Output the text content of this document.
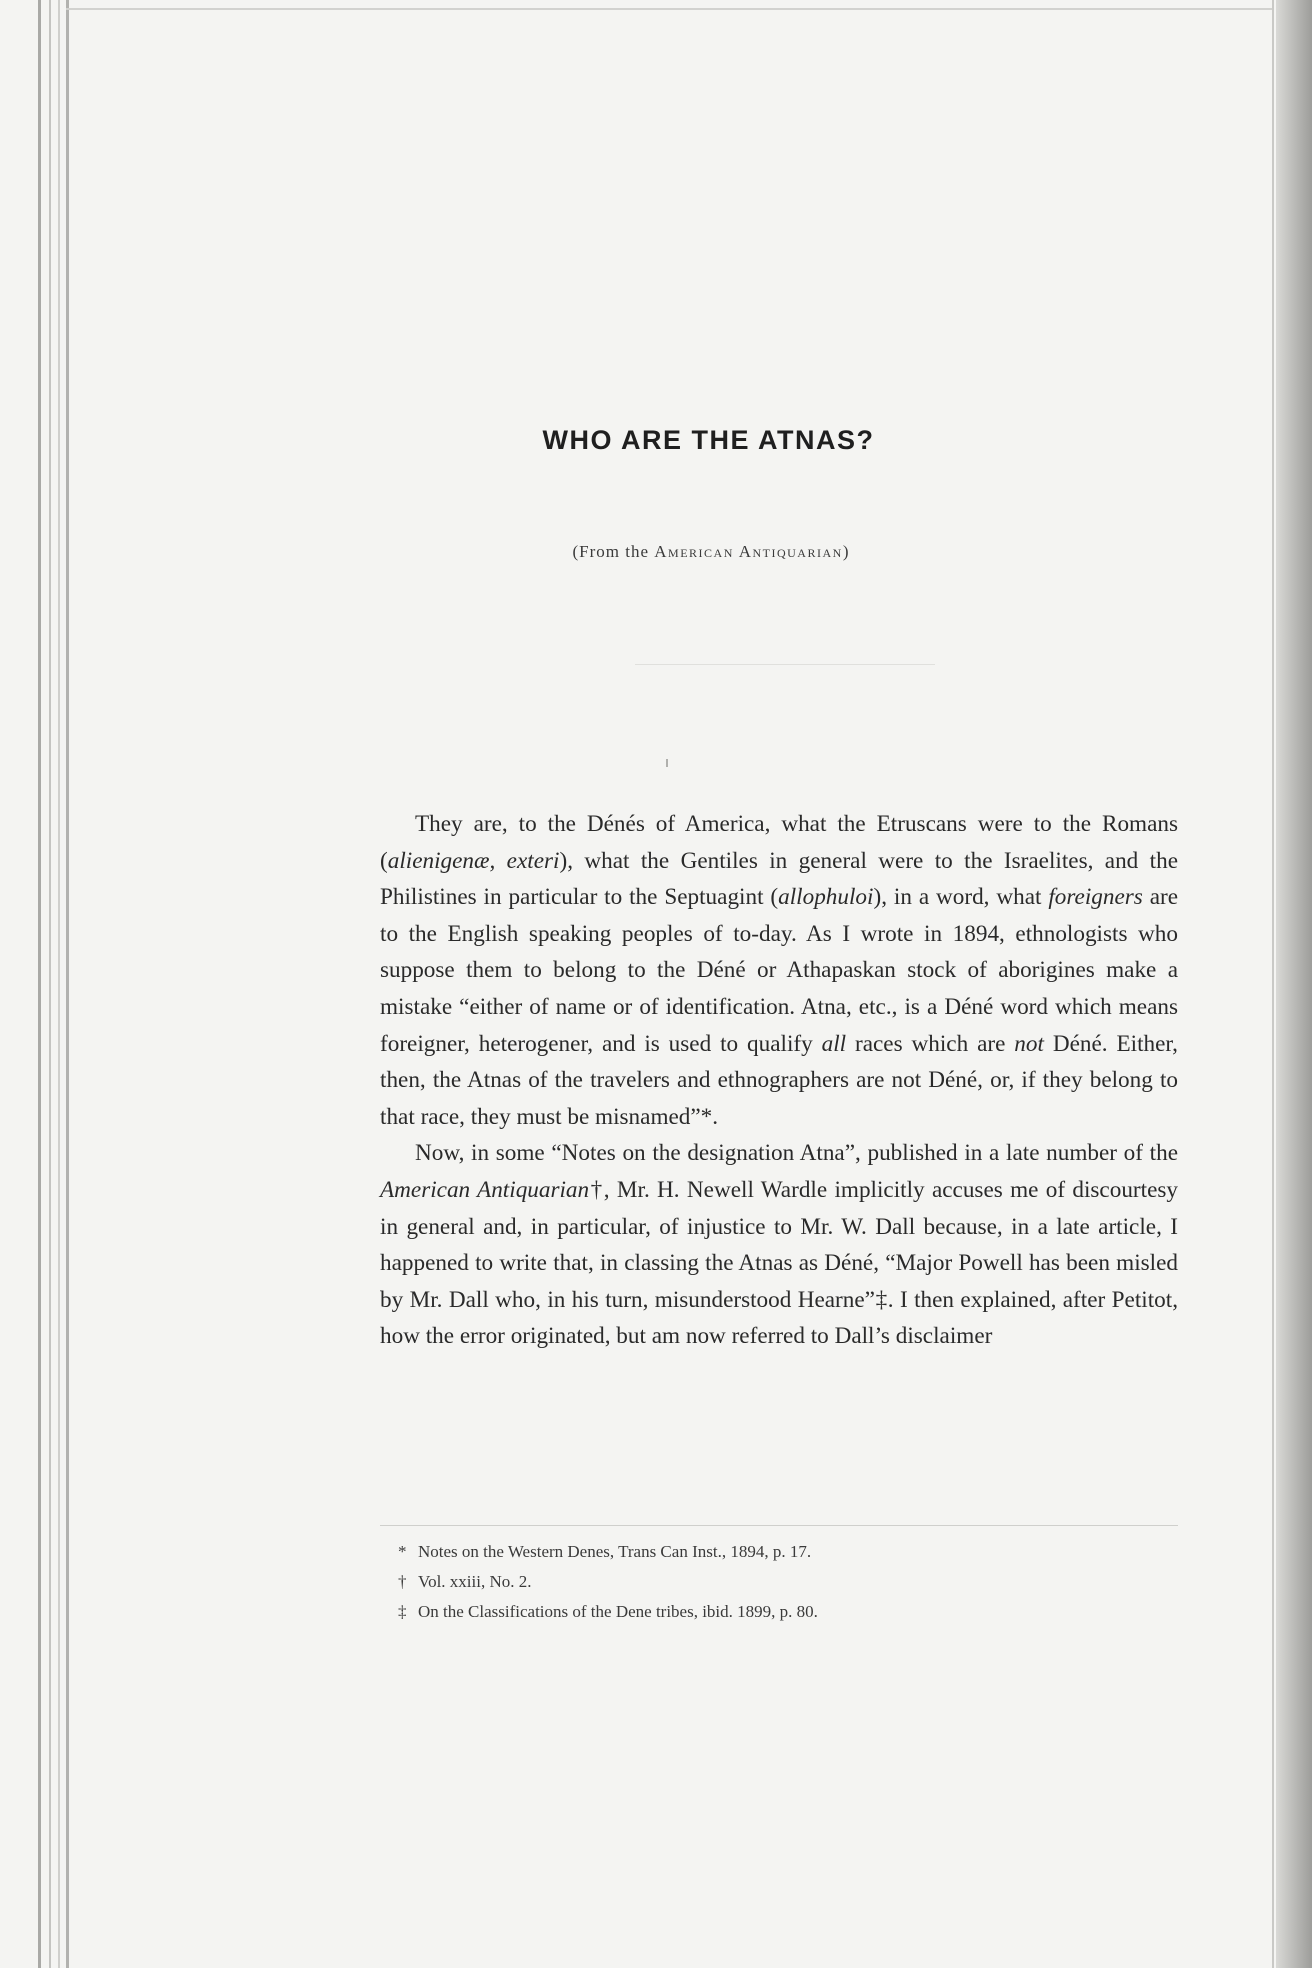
WHO ARE THE ATNAS?
(From the American Antiquarian)

They are, to the Dénés of America, what the Etruscans were to the Romans (alienigenæ, exteri), what the Gentiles in general were to the Israelites, and the Philistines in particular to the Septuagint (allophuloi), in a word, what foreigners are to the English speaking peoples of to-day. As I wrote in 1894, ethnologists who suppose them to belong to the Déné or Athapaskan stock of aborigines make a mistake “either of name or of identification. Atna, etc., is a Déné word which means foreigner, heterogener, and is used to qualify all races which are not Déné. Either, then, the Atnas of the travelers and ethnographers are not Déné, or, if they belong to that race, they must be misnamed”*.

Now, in some “Notes on the designation Atna”, published in a late number of the American Antiquarian†, Mr. H. Newell Wardle implicitly accuses me of discourtesy in general and, in particular, of injustice to Mr. W. Dall because, in a late article, I happened to write that, in classing the Atnas as Déné, “Major Powell has been misled by Mr. Dall who, in his turn, misunderstood Hearne”‡. I then explained, after Petitot, how the error originated, but am now referred to Dall’s disclaimer

* Notes on the Western Denes, Trans Can Inst., 1894, p. 17.
† Vol. xxiii, No. 2.
‡ On the Classifications of the Dene tribes, ibid. 1899, p. 80.
